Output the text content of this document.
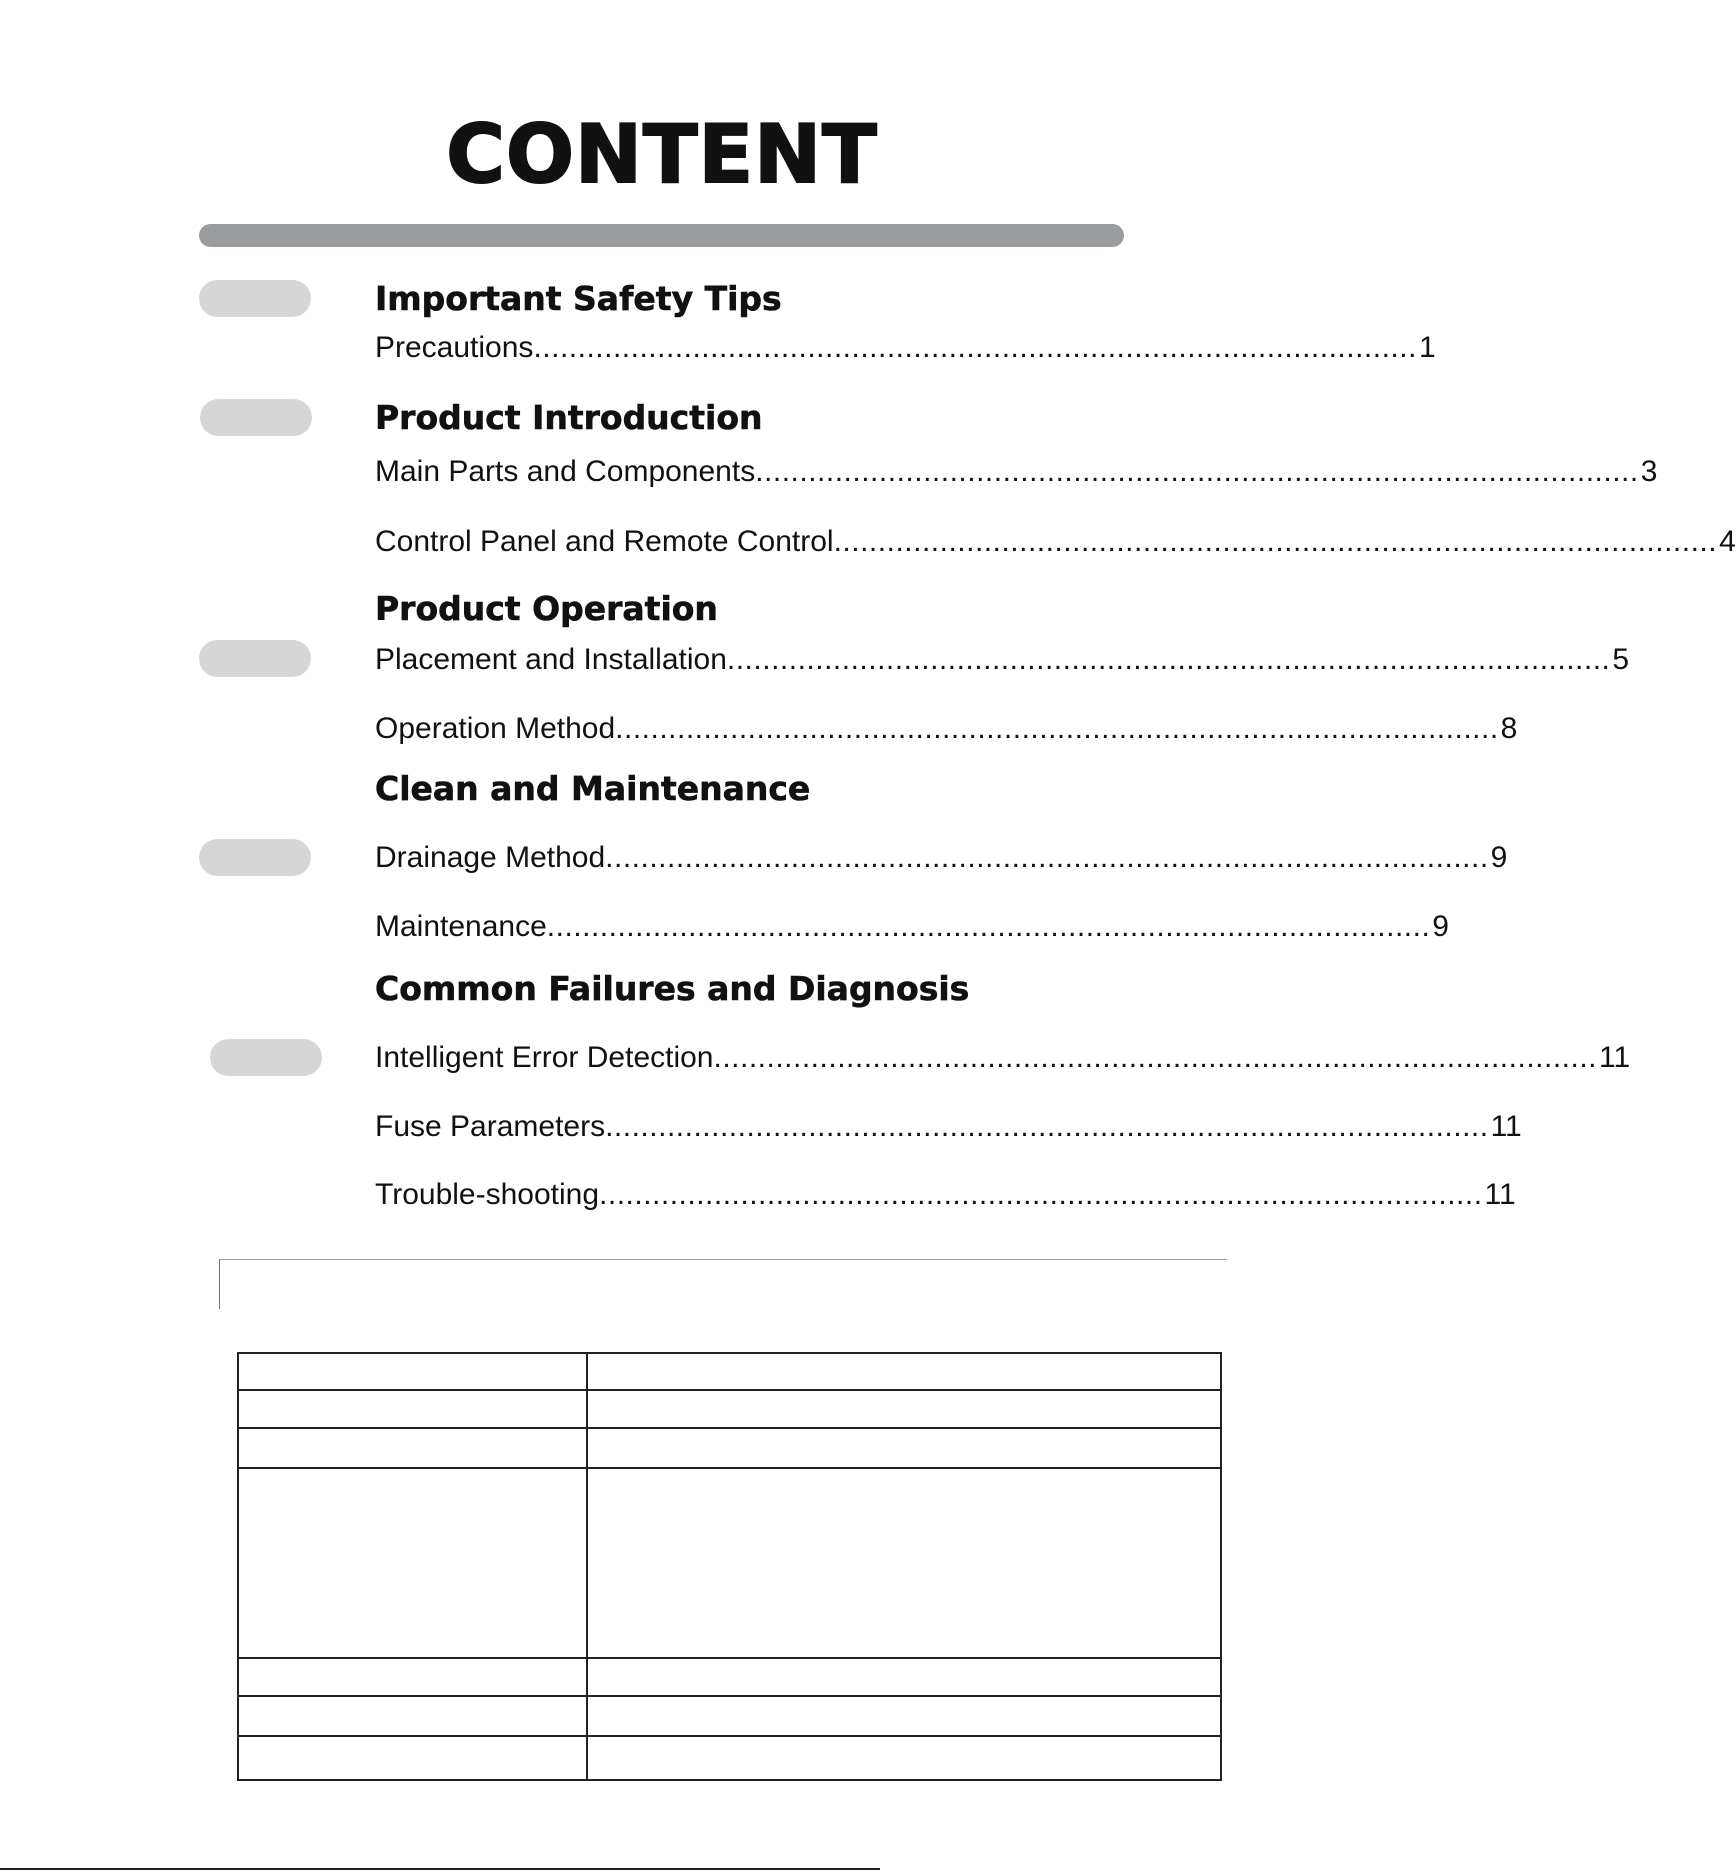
CONTENT
Important Safety Tips
Precautions .................................................................................................... 1
Product Introduction
Main Parts and Components .................................................................................................... 3
Control Panel and Remote Control .................................................................................................... 4
Product Operation
Placement and Installation .................................................................................................... 5
Operation Method .................................................................................................... 8
Clean and Maintenance
Drainage Method .................................................................................................... 9
Maintenance .................................................................................................... 9
Common Failures and Diagnosis
Intelligent Error Detection .................................................................................................... 11
Fuse Parameters .................................................................................................... 11
Trouble-shooting .................................................................................................... 11
